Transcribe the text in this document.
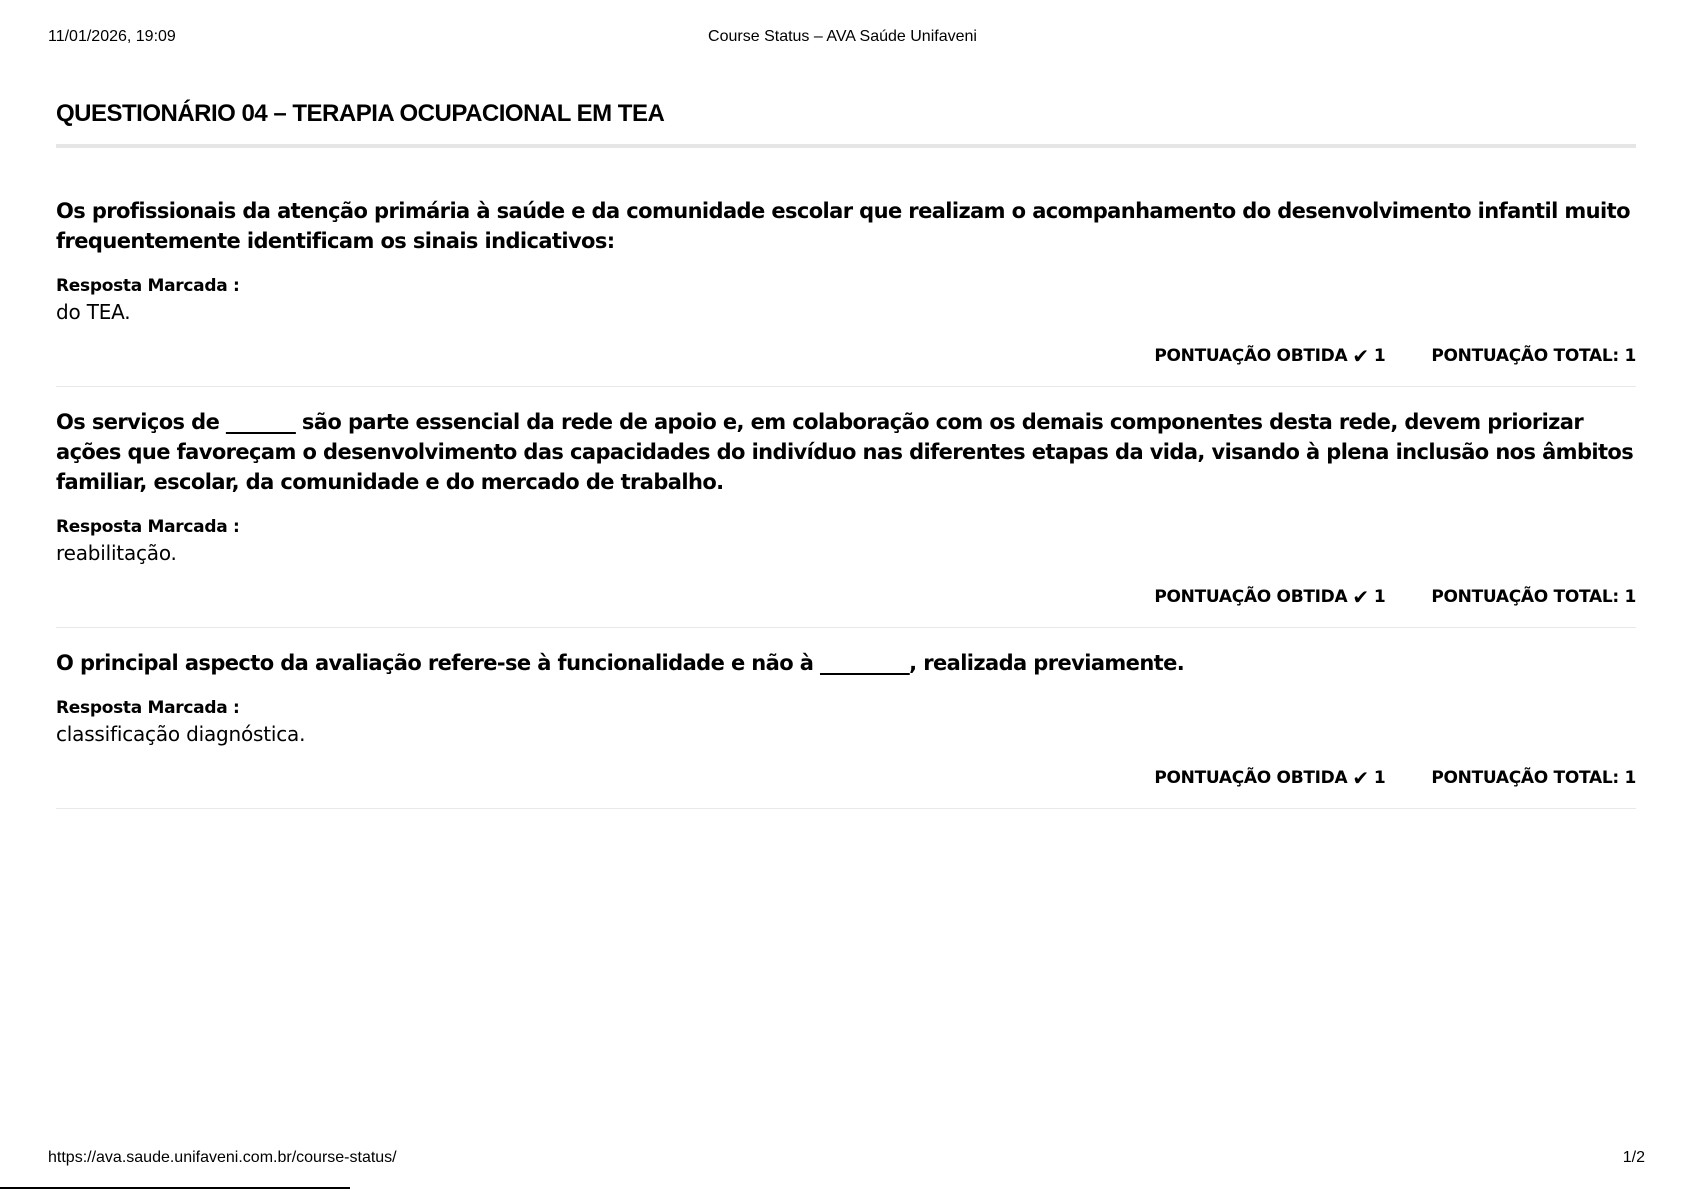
11/01/2026, 19:09	Course Status – AVA Saúde Unifaveni
QUESTIONÁRIO 04 – TERAPIA OCUPACIONAL EM TEA

Os profissionais da atenção primária à saúde e da comunidade escolar que realizam o acompanhamento do desenvolvimento infantil muito frequentemente identificam os sinais indicativos:

Resposta Marcada :
do TEA.
PONTUAÇÃO OBTIDA ✔ 1	PONTUAÇÃO TOTAL: 1

Os serviços de _______ são parte essencial da rede de apoio e, em colaboração com os demais componentes desta rede, devem priorizar ações que favoreçam o desenvolvimento das capacidades do indivíduo nas diferentes etapas da vida, visando à plena inclusão nos âmbitos familiar, escolar, da comunidade e do mercado de trabalho.

Resposta Marcada :
reabilitação.
PONTUAÇÃO OBTIDA ✔ 1	PONTUAÇÃO TOTAL: 1

O principal aspecto da avaliação refere-se à funcionalidade e não à _________, realizada previamente.

Resposta Marcada :
classificação diagnóstica.
PONTUAÇÃO OBTIDA ✔ 1	PONTUAÇÃO TOTAL: 1
https://ava.saude.unifaveni.com.br/course-status/	1/2
